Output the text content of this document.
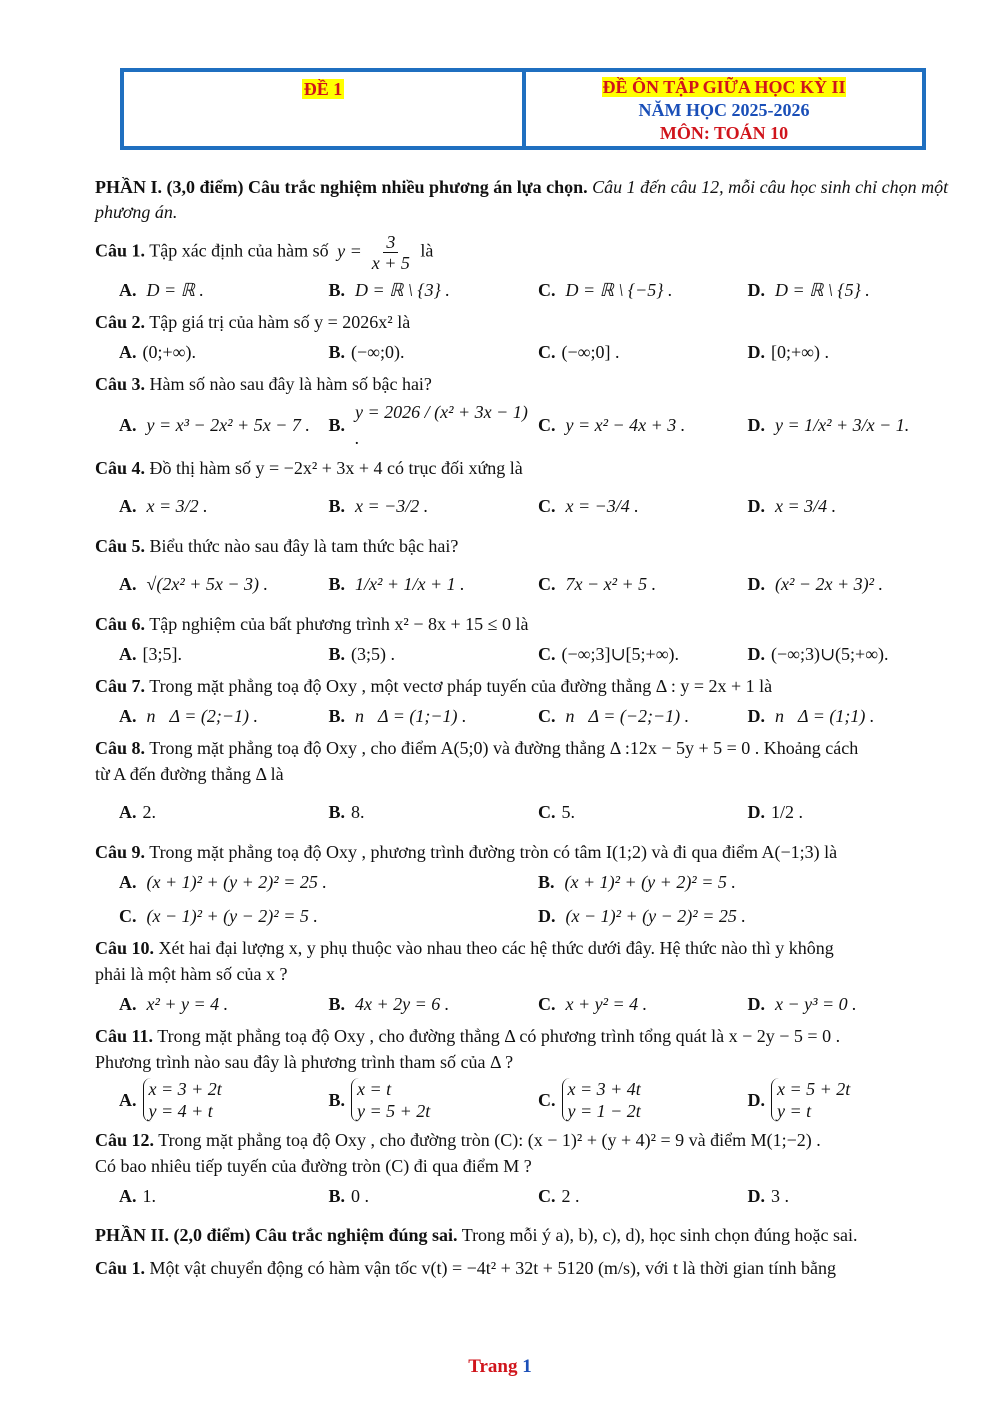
ĐỀ 1	ĐỀ ÔN TẬP GIỮA HỌC KỲ II
NĂM HỌC 2025-2026
MÔN: TOÁN 10
PHẦN I. (3,0 điểm) Câu trắc nghiệm nhiều phương án lựa chọn. Câu 1 đến câu 12, mỗi câu học sinh chỉ chọn một phương án.
Câu 1. Tập xác định của hàm số $y = \frac{3}{x + 5}$ là
A. D = ℝ .	B. D = ℝ \ {3} .	C. D = ℝ \ {−5} .	D. D = ℝ \ {5} .
Câu 2. Tập giá trị của hàm số y = 2026x² là
A. (0;+∞).	B. (−∞;0).	C. (−∞;0] .	D. [0;+∞) .
Câu 3. Hàm số nào sau đây là hàm số bậc hai?
A. y = x³ − 2x² + 5x − 7 . B.
y = 2026 / (x² + 3x − 1) .
C. y = x² − 4x + 3 .	D. y = 1/x² + 3/x − 1.
Câu 4. Đồ thị hàm số y = −2x² + 3x + 4 có trục đối xứng là
A. x = 3/2 .	B. x = −3/2 .	C. x = −3/4 .	D. x = 3/4 .
Câu 5. Biểu thức nào sau đây là tam thức bậc hai?
A. √(2x² + 5x − 3) .	B. 1/x² + 1/x + 1 .	C. 7x − x² + 5 .	D. (x² − 2x + 3)² .
Câu 6. Tập nghiệm của bất phương trình x² − 8x + 15 ≤ 0 là
A. [3;5].	B. (3;5) .	C. (−∞;3]∪[5;+∞).	D. (−∞;3)∪(5;+∞).
Câu 7. Trong mặt phẳng toạ độ Oxy , một vectơ pháp tuyến của đường thẳng Δ : y = 2x + 1 là
A. n⃗Δ = (2;−1) .	B. n⃗Δ = (1;−1) .	C. n⃗Δ = (−2;−1) .	D. n⃗Δ = (1;1) .
Câu 8. Trong mặt phẳng toạ độ Oxy , cho điểm A(5;0) và đường thẳng Δ :12x − 5y + 5 = 0 . Khoảng cách
từ A đến đường thẳng Δ là
A. 2.	B. 8.	C. 5.	D. 1/2 .
Câu 9. Trong mặt phẳng toạ độ Oxy , phương trình đường tròn có tâm I(1;2) và đi qua điểm A(−1;3) là
A. (x + 1)² + (y + 2)² = 25 .	B. (x + 1)² + (y + 2)² = 5 .
C. (x − 1)² + (y − 2)² = 5 .	D. (x − 1)² + (y − 2)² = 25 .
Câu 10. Xét hai đại lượng x, y phụ thuộc vào nhau theo các hệ thức dưới đây. Hệ thức nào thì y không
phải là một hàm số của x ?
A. x² + y = 4 .	B. 4x + 2y = 6 .	C. x + y² = 4 .	D. x − y³ = 0 .
Câu 11. Trong mặt phẳng toạ độ Oxy , cho đường thẳng Δ có phương trình tổng quát là x − 2y − 5 = 0 .
Phương trình nào sau đây là phương trình tham số của Δ ?
A.
x = 3 + 2t
y = 4 + t
B.
x = t
y = 5 + 2t
C.
x = 3 + 4t
y = 1 − 2t
D.
x = 5 + 2t
y = t
Câu 12. Trong mặt phẳng toạ độ Oxy , cho đường tròn (C): (x − 1)² + (y + 4)² = 9 và điểm M(1;−2) .
Có bao nhiêu tiếp tuyến của đường tròn (C) đi qua điểm M ?
A. 1.	B. 0 .	C. 2 .	D. 3 .
PHẦN II. (2,0 điểm) Câu trắc nghiệm đúng sai. Trong mỗi ý a), b), c), d), học sinh chọn đúng hoặc sai.
Câu 1. Một vật chuyển động có hàm vận tốc v(t) = −4t² + 32t + 5120 (m/s), với t là thời gian tính bằng
Trang 1
